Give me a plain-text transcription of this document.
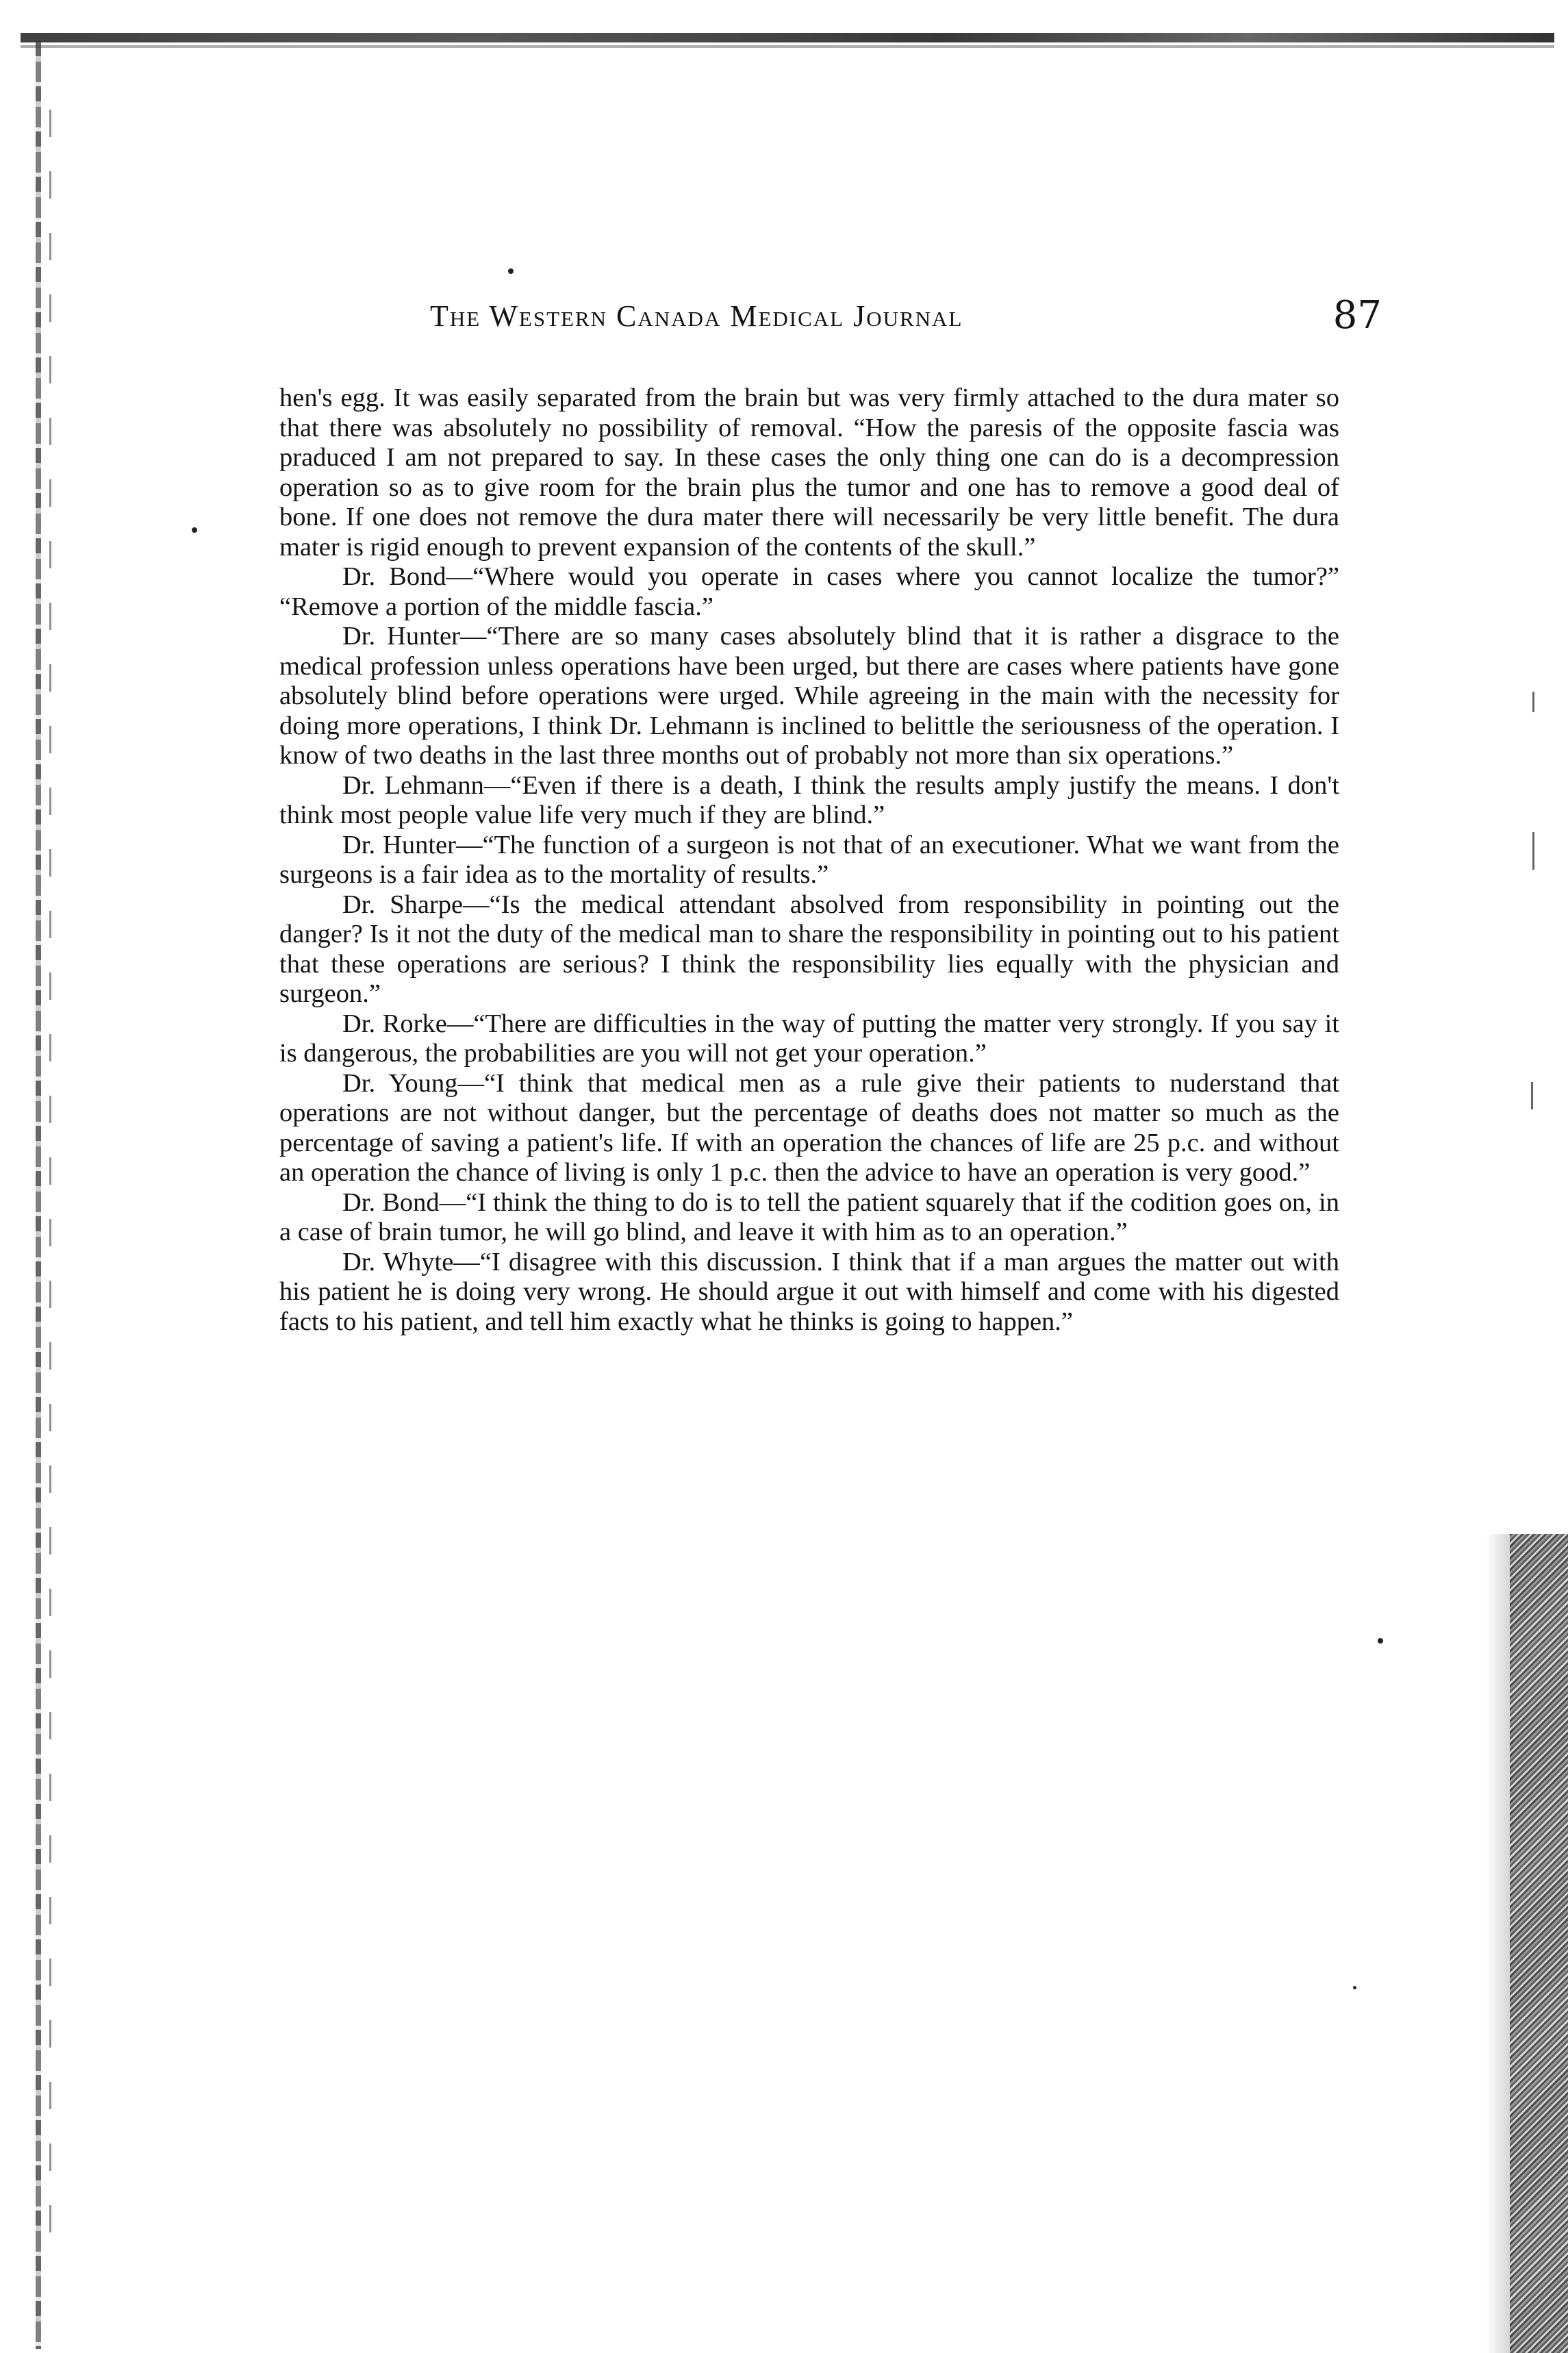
The Western Canada Medical Journal	87

hen's egg. It was easily separated from the brain but was very firmly attached to the dura mater so that there was absolutely no possibility of removal. “How the paresis of the opposite fascia was praduced I am not prepared to say. In these cases the only thing one can do is a decompression operation so as to give room for the brain plus the tumor and one has to remove a good deal of bone. If one does not remove the dura mater there will necessarily be very little benefit. The dura mater is rigid enough to prevent expansion of the contents of the skull.”

Dr. Bond—“Where would you operate in cases where you cannot localize the tumor?” “Remove a portion of the middle fascia.”

Dr. Hunter—“There are so many cases absolutely blind that it is rather a disgrace to the medical profession unless operations have been urged, but there are cases where patients have gone absolutely blind before operations were urged. While agreeing in the main with the necessity for doing more operations, I think Dr. Lehmann is inclined to belittle the seriousness of the operation. I know of two deaths in the last three months out of probably not more than six operations.”

Dr. Lehmann—“Even if there is a death, I think the results amply justify the means. I don't think most people value life very much if they are blind.”

Dr. Hunter—“The function of a surgeon is not that of an executioner. What we want from the surgeons is a fair idea as to the mortality of results.”

Dr. Sharpe—“Is the medical attendant absolved from responsibility in pointing out the danger? Is it not the duty of the medical man to share the responsibility in pointing out to his patient that these operations are serious? I think the responsibility lies equally with the physician and surgeon.”

Dr. Rorke—“There are difficulties in the way of putting the matter very strongly. If you say it is dangerous, the probabilities are you will not get your operation.”

Dr. Young—“I think that medical men as a rule give their patients to nuderstand that operations are not without danger, but the percentage of deaths does not matter so much as the percentage of saving a patient's life. If with an operation the chances of life are 25 p.c. and without an operation the chance of living is only 1 p.c. then the advice to have an operation is very good.”

Dr. Bond—“I think the thing to do is to tell the patient squarely that if the codition goes on, in a case of brain tumor, he will go blind, and leave it with him as to an operation.”

Dr. Whyte—“I disagree with this discussion. I think that if a man argues the matter out with his patient he is doing very wrong. He should argue it out with himself and come with his digested facts to his patient, and tell him exactly what he thinks is going to happen.”
